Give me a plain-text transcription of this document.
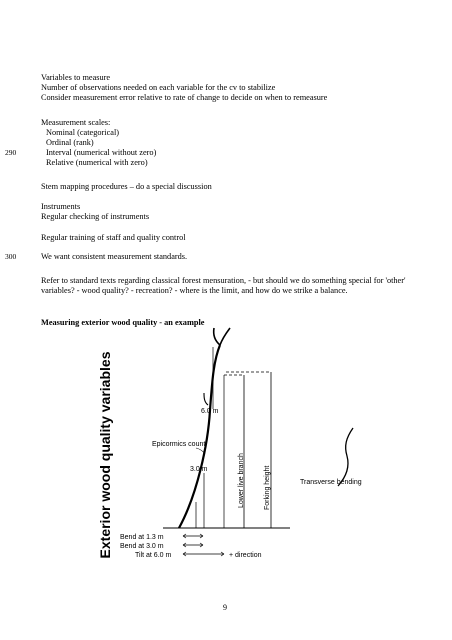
Variables to measure
Number of observations needed on each variable for the cv to stabilize
Consider measurement error relative to rate of change to decide on when to remeasure
Measurement scales:
Nominal (categorical)
Ordinal (rank)
290	Interval (numerical without zero)
Relative (numerical with zero)
Stem mapping procedures – do a special discussion
Instruments
Regular checking of instruments
Regular training of staff and quality control
300	We want consistent measurement standards.
Refer to standard texts regarding classical forest mensuration, - but should we do something special for 'other' variables? - wood quality? - recreation? - where is the limit, and how do we strike a balance.
Measuring exterior wood quality - an example
Exterior wood quality variables	6.0 m
Epicormics count
3.0 m	Lower live branch	Forking height	Transverse bending
Bend at 1.3 m
Bend at 3.0 m
Tilt at 6.0 m	+ direction
9
